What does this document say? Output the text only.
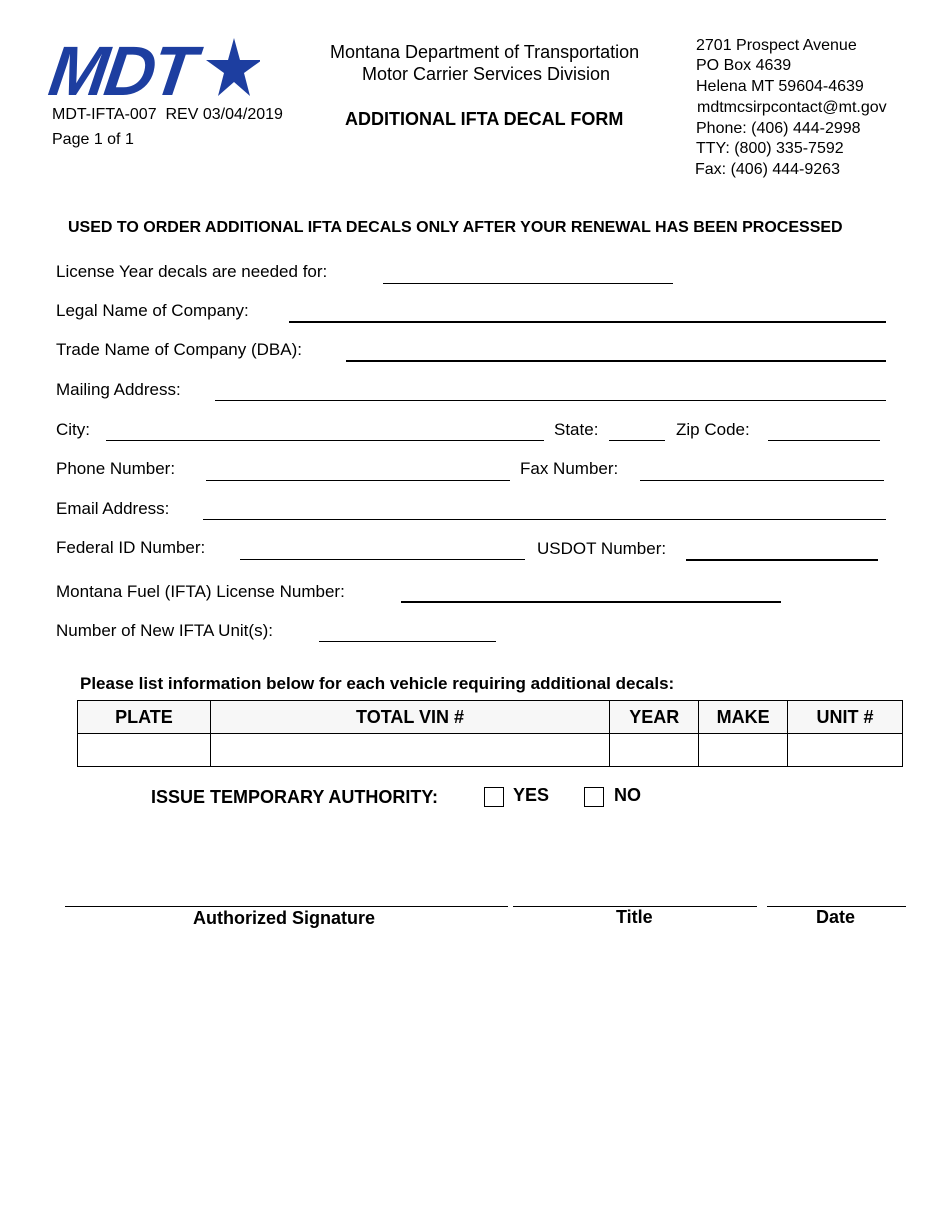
MDT
MDT-IFTA-007 REV 03/04/2019
Page 1 of 1
Montana Department of Transportation
Motor Carrier Services Division
ADDITIONAL IFTA DECAL FORM
2701 Prospect Avenue
PO Box 4639
Helena MT 59604-4639
mdtmcsirpcontact@mt.gov
Phone: (406) 444-2998
TTY: (800) 335-7592
Fax: (406) 444-9263
USED TO ORDER ADDITIONAL IFTA DECALS ONLY AFTER YOUR RENEWAL HAS BEEN PROCESSED
License Year decals are needed for:
Legal Name of Company:
Trade Name of Company (DBA):
Mailing Address:
City:	State:	Zip Code:
Phone Number:	Fax Number:
Email Address:
Federal ID Number:	USDOT Number:
Montana Fuel (IFTA) License Number:
Number of New IFTA Unit(s):
Please list information below for each vehicle requiring additional decals:
PLATE	TOTAL VIN #	YEAR	MAKE	UNIT #

ISSUE TEMPORARY AUTHORITY:	YES	NO
Authorized Signature	Title	Date
